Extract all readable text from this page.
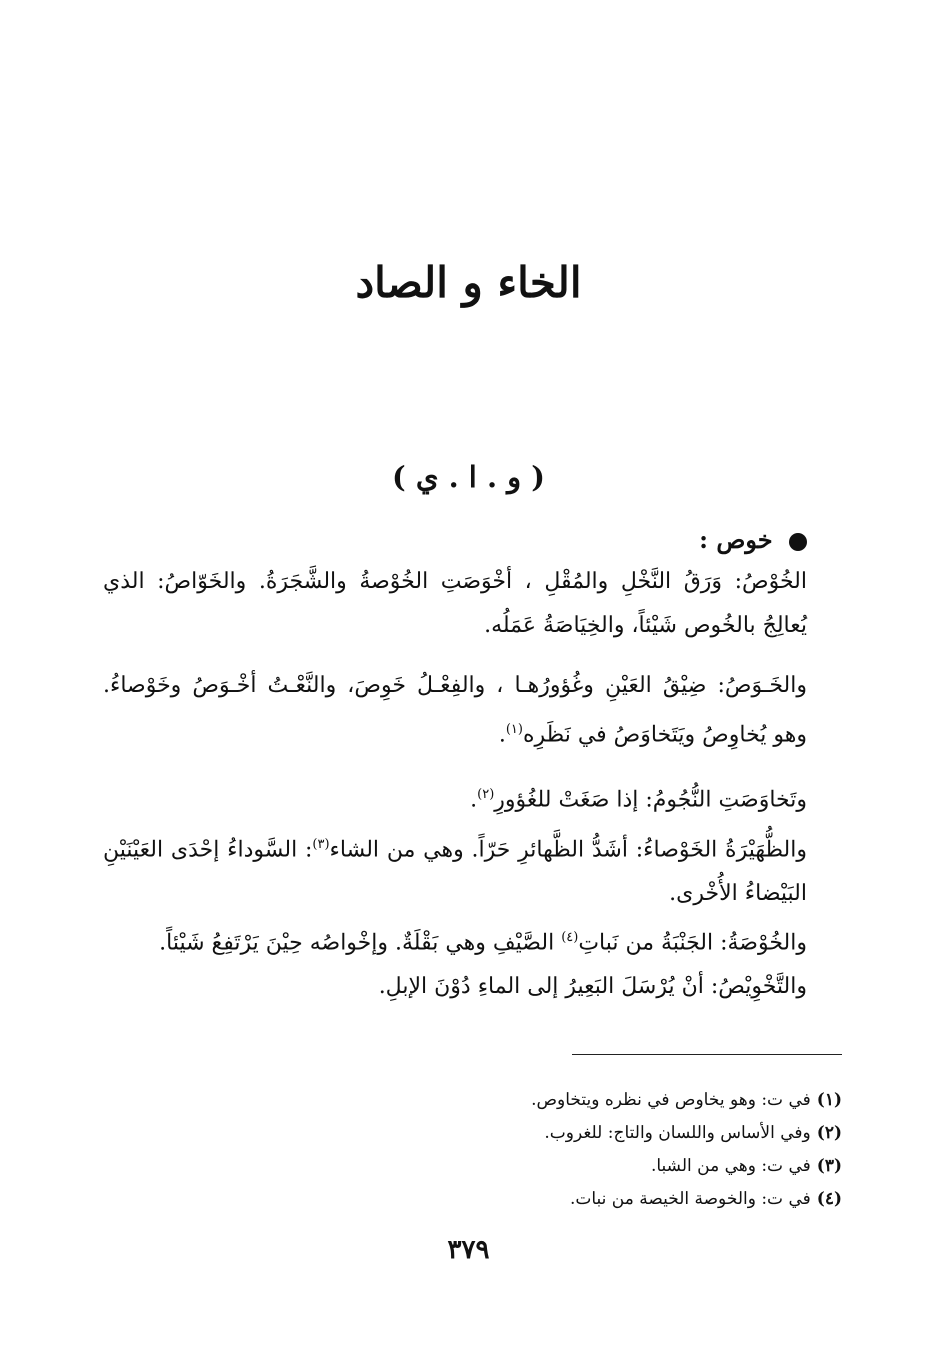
الخاء و الصاد
( و . ا . ي )
خوص :

الخُوْصُ: وَرَقُ النَّخْلِ والمُقْلِ ، أخْوَصَتِ الخُوْصةُ والشَّجَرَةُ. والخَوّاصُ: الذي يُعالِجُ بالخُوص شَيْئاً، والخِيَاصَةُ عَمَلُه.

والخَـوَصُ: ضِيْقُ العَيْنِ وغُؤورُهـا ، والفِعْـلُ خَوِصَ، والنَّعْـتُ أخْـوَصُ وخَوْصاءُ. وهو يُخاوِصُ ويَتَخاوَصُ في نَظَرِه$^{(١)}$.

وتَخاوَصَتِ النُّجُومُ: إذا صَغَتْ للغُؤورِ$^{(٢)}$.

والظُّهَيْرَةُ الخَوْصاءُ: أشَدُّ الظَّهائرِ حَرّاً. وهي من الشاء$^{(٣)}$: السَّوداءُ إحْدَى العَيْنَيْنِ البَيْضاءُ الأُخْرى.

والخُوْصَةُ: الجَنْبَةُ من نَباتِ$^{(٤)}$ الصَّيْفِ وهي بَقْلَةٌ. وإخْواصُه حِيْنَ يَرْتَفِعُ شَيْئاً.

والتَّخْوِيْصُ: أنْ يُرْسَلَ البَعِيرُ إلى الماءِ دُوْنَ الإبلِ.

(١)في ت: وهو يخاوص في نظره ويتخاوص.

(٢)وفي الأساس واللسان والتاج: للغروب.

(٣)في ت: وهي من الشبا.

(٤)في ت: والخوصة الخيصة من نبات.

٣٧٩
